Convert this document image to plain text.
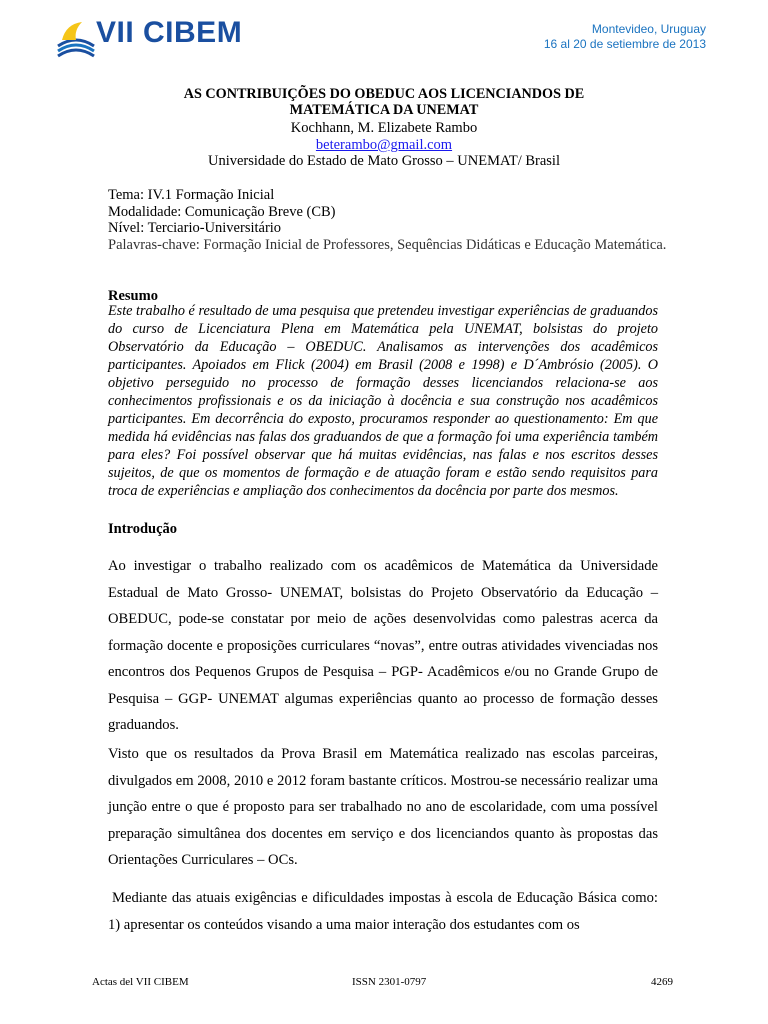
VII CIBEM	Montevideo, Uruguay
16 al 20 de setiembre de 2013
AS CONTRIBUIÇÕES DO OBEDUC AOS LICENCIANDOS DE
MATEMÁTICA DA UNEMAT
Kochhann, M. Elizabete Rambo
beterambo@gmail.com
Universidade do Estado de Mato Grosso – UNEMAT/ Brasil
Tema: IV.1 Formação Inicial
Modalidade: Comunicação Breve (CB)
Nível: Terciario-Universitário
Palavras-chave: Formação Inicial de Professores, Sequências Didáticas e Educação Matemática.
Resumo
Este trabalho é resultado de uma pesquisa que pretendeu investigar experiências de graduandos do curso de Licenciatura Plena em Matemática pela UNEMAT, bolsistas do projeto Observatório da Educação – OBEDUC. Analisamos as intervenções dos acadêmicos participantes. Apoiados em Flick (2004) em Brasil (2008 e 1998) e D´Ambrósio (2005). O objetivo perseguido no processo de formação desses licenciandos relaciona-se aos conhecimentos profissionais e os da iniciação à docência e sua construção nos acadêmicos participantes. Em decorrência do exposto, procuramos responder ao questionamento: Em que medida há evidências nas falas dos graduandos de que a formação foi uma experiência também para eles? Foi possível observar que há muitas evidências, nas falas e nos escritos desses sujeitos, de que os momentos de formação e de atuação foram e estão sendo requisitos para troca de experiências e ampliação dos conhecimentos da docência por parte dos mesmos.
Introdução
Ao investigar o trabalho realizado com os acadêmicos de Matemática da Universidade Estadual de Mato Grosso- UNEMAT, bolsistas do Projeto Observatório da Educação – OBEDUC, pode-se constatar por meio de ações desenvolvidas como palestras acerca da formação docente e proposições curriculares “novas”, entre outras atividades vivenciadas nos encontros dos Pequenos Grupos de Pesquisa – PGP- Acadêmicos e/ou no Grande Grupo de Pesquisa – GGP- UNEMAT algumas experiências quanto ao processo de formação desses graduandos.
Visto que os resultados da Prova Brasil em Matemática realizado nas escolas parceiras, divulgados em 2008, 2010 e 2012 foram bastante críticos. Mostrou-se necessário realizar uma junção entre o que é proposto para ser trabalhado no ano de escolaridade, com uma possível preparação simultânea dos docentes em serviço e dos licenciandos quanto às propostas das Orientações Curriculares – OCs.
Mediante das atuais exigências e dificuldades impostas à escola de Educação Básica como: 1) apresentar os conteúdos visando a uma maior interação dos estudantes com os
Actas del VII CIBEM	ISSN 2301-0797	4269
